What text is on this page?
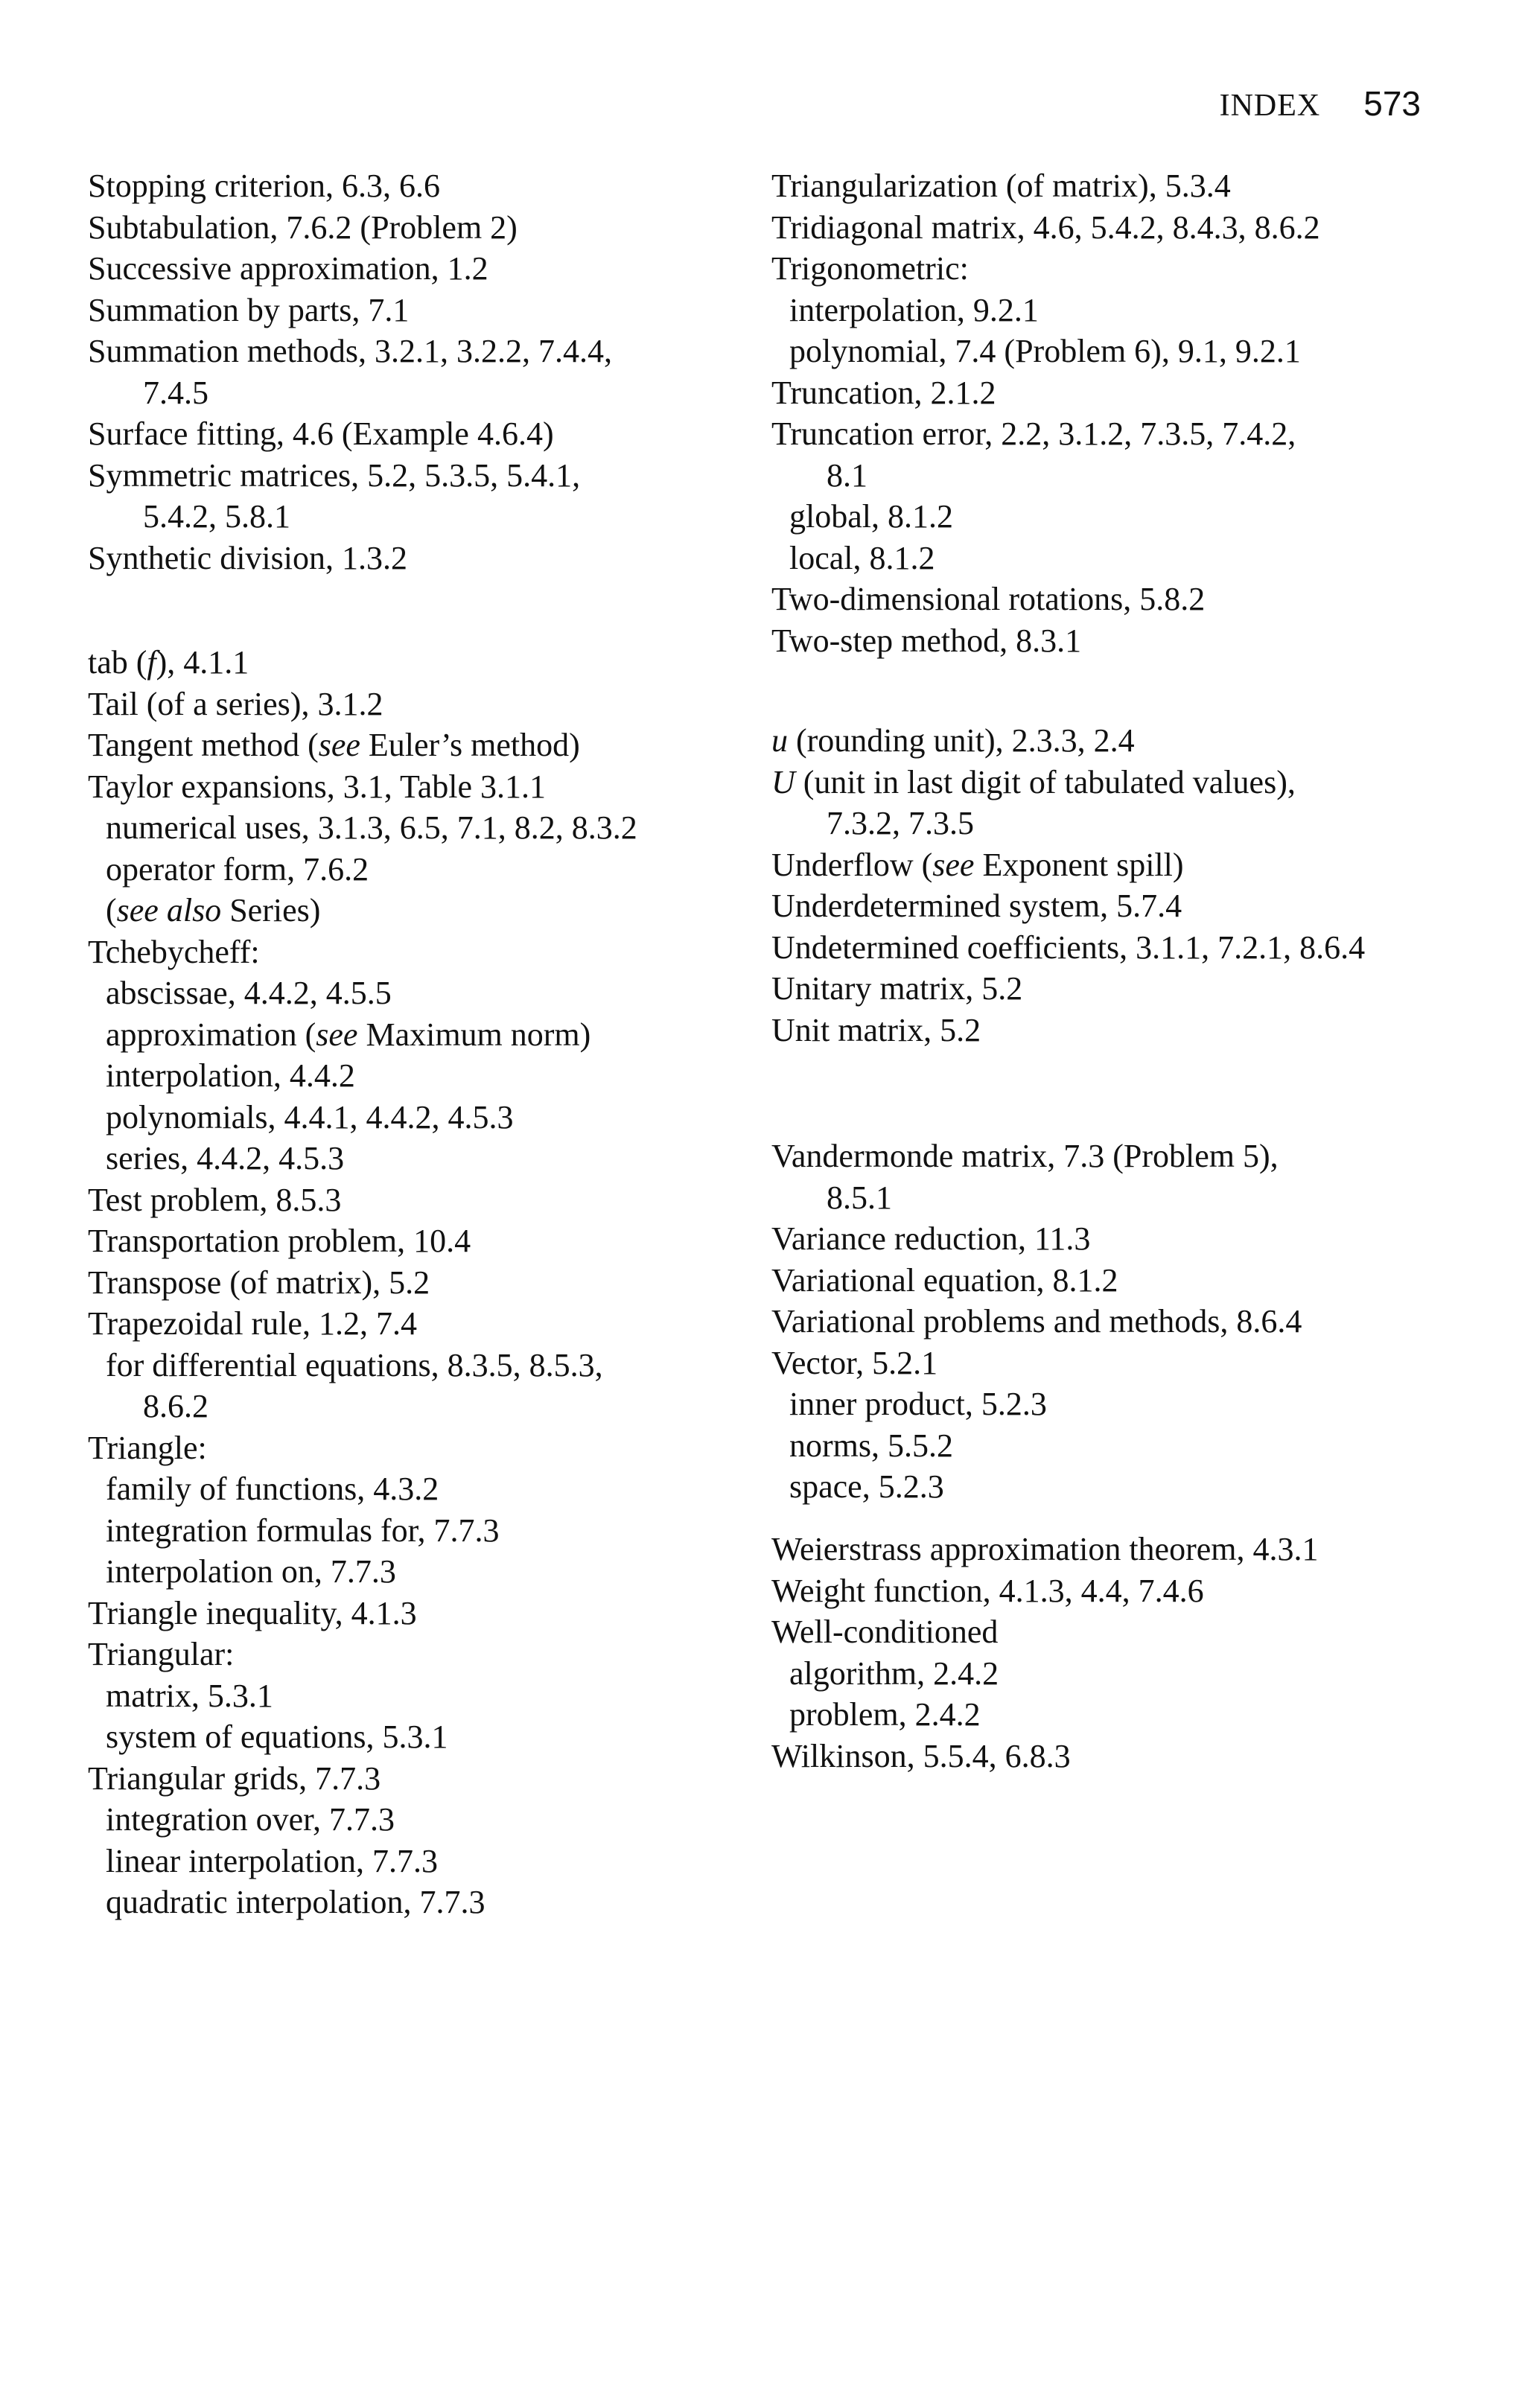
INDEX 573
Stopping criterion, 6.3, 6.6
Subtabulation, 7.6.2 (Problem 2)
Successive approximation, 1.2
Summation by parts, 7.1
Summation methods, 3.2.1, 3.2.2, 7.4.4,
7.4.5
Surface fitting, 4.6 (Example 4.6.4)
Symmetric matrices, 5.2, 5.3.5, 5.4.1,
5.4.2, 5.8.1
Synthetic division, 1.3.2
tab (f), 4.1.1
Tail (of a series), 3.1.2
Tangent method (see Euler’s method)
Taylor expansions, 3.1, Table 3.1.1
numerical uses, 3.1.3, 6.5, 7.1, 8.2, 8.3.2
operator form, 7.6.2
(see also Series)
Tchebycheff:
abscissae, 4.4.2, 4.5.5
approximation (see Maximum norm)
interpolation, 4.4.2
polynomials, 4.4.1, 4.4.2, 4.5.3
series, 4.4.2, 4.5.3
Test problem, 8.5.3
Transportation problem, 10.4
Transpose (of matrix), 5.2
Trapezoidal rule, 1.2, 7.4
for differential equations, 8.3.5, 8.5.3,
8.6.2
Triangle:
family of functions, 4.3.2
integration formulas for, 7.7.3
interpolation on, 7.7.3
Triangle inequality, 4.1.3
Triangular:
matrix, 5.3.1
system of equations, 5.3.1
Triangular grids, 7.7.3
integration over, 7.7.3
linear interpolation, 7.7.3
quadratic interpolation, 7.7.3
Triangularization (of matrix), 5.3.4
Tridiagonal matrix, 4.6, 5.4.2, 8.4.3, 8.6.2
Trigonometric:
interpolation, 9.2.1
polynomial, 7.4 (Problem 6), 9.1, 9.2.1
Truncation, 2.1.2
Truncation error, 2.2, 3.1.2, 7.3.5, 7.4.2,
8.1
global, 8.1.2
local, 8.1.2
Two-dimensional rotations, 5.8.2
Two-step method, 8.3.1
u (rounding unit), 2.3.3, 2.4
U (unit in last digit of tabulated values),
7.3.2, 7.3.5
Underflow (see Exponent spill)
Underdetermined system, 5.7.4
Undetermined coefficients, 3.1.1, 7.2.1, 8.6.4
Unitary matrix, 5.2
Unit matrix, 5.2
Vandermonde matrix, 7.3 (Problem 5),
8.5.1
Variance reduction, 11.3
Variational equation, 8.1.2
Variational problems and methods, 8.6.4
Vector, 5.2.1
inner product, 5.2.3
norms, 5.5.2
space, 5.2.3
Weierstrass approximation theorem, 4.3.1
Weight function, 4.1.3, 4.4, 7.4.6
Well-conditioned
algorithm, 2.4.2
problem, 2.4.2
Wilkinson, 5.5.4, 6.8.3
